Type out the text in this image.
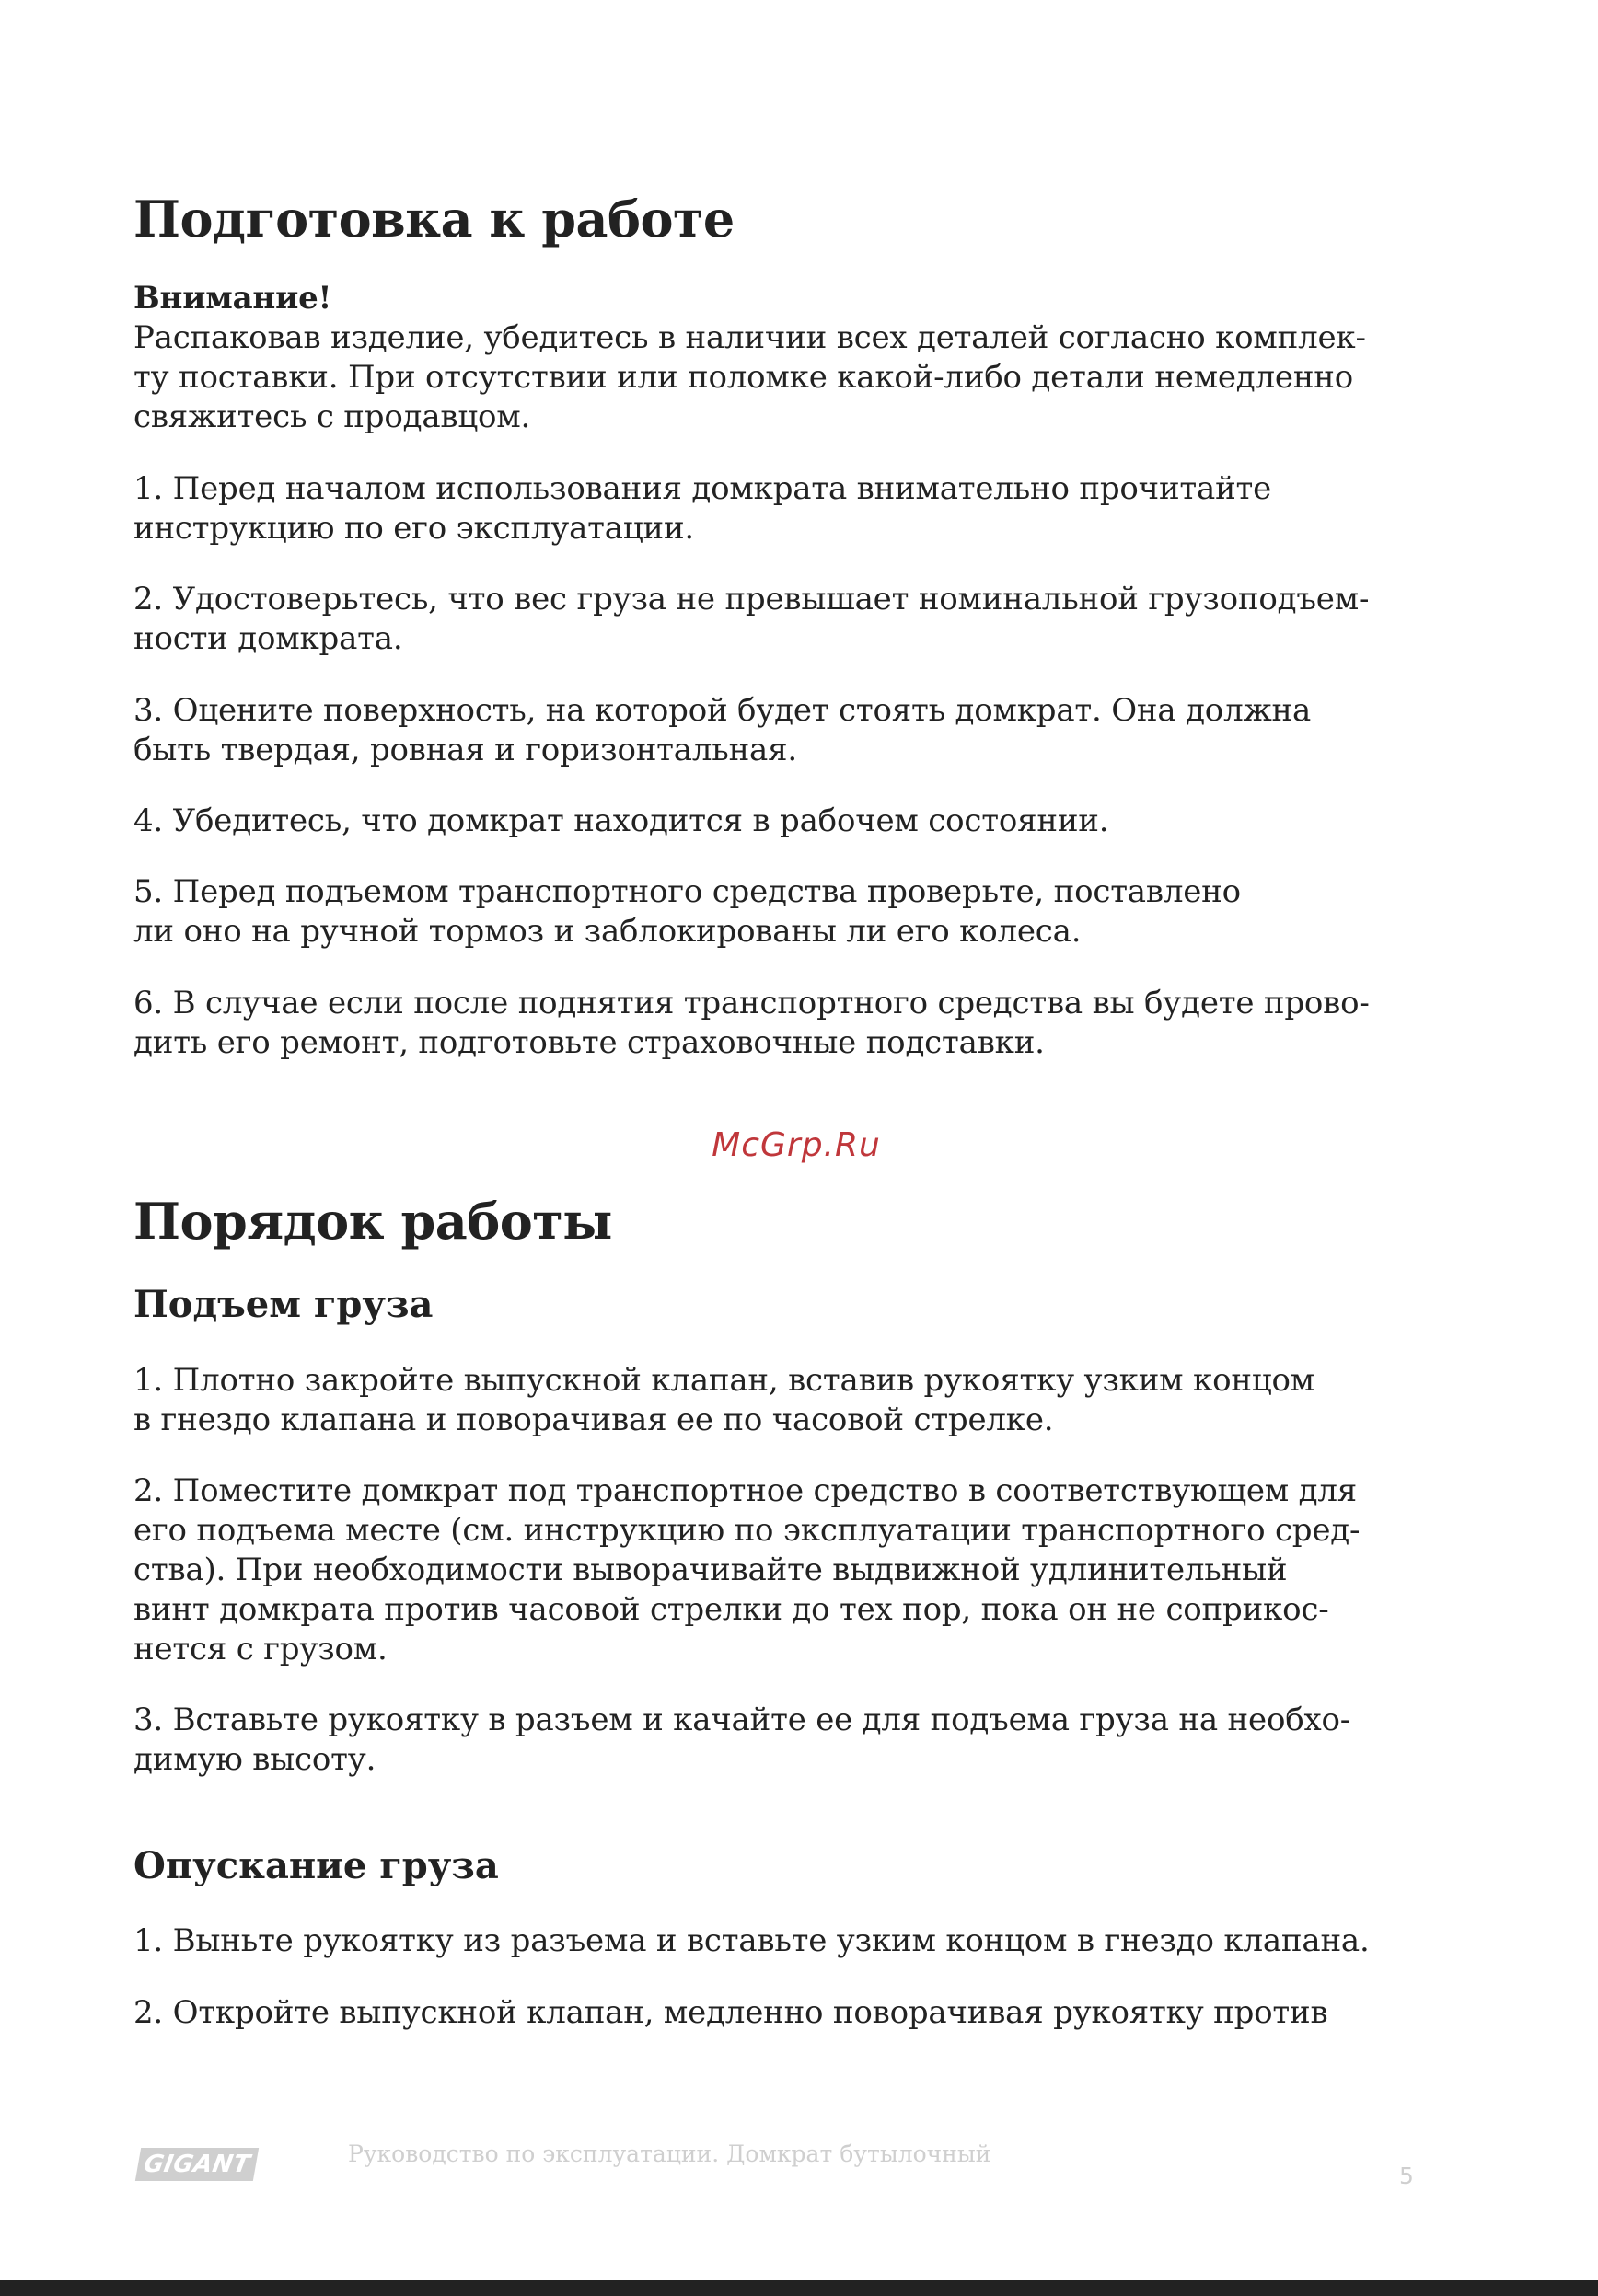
Подготовка к работе

Внимание!

Распаковав изделие, убедитесь в наличии всех деталей согласно комплек-

ту поставки. При отсутствии или поломке какой-либо детали немедленно

свяжитесь с продавцом.

1. Перед началом использования домкрата внимательно прочитайте

инструкцию по его эксплуатации.

2. Удостоверьтесь, что вес груза не превышает номинальной грузоподъем-

ности домкрата.

3. Оцените поверхность, на которой будет стоять домкрат. Она должна

быть твердая, ровная и горизонтальная.

4. Убедитесь, что домкрат находится в рабочем состоянии.

5. Перед подъемом транспортного средства проверьте, поставлено

ли оно на ручной тормоз и заблокированы ли его колеса.

6. В случае если после поднятия транспортного средства вы будете прово-

дить его ремонт, подготовьте страховочные подставки.

McGrp.Ru
Порядок работы
Подъем груза

1. Плотно закройте выпускной клапан, вставив рукоятку узким концом

в гнездо клапана и поворачивая ее по часовой стрелке.

2. Поместите домкрат под транспортное средство в соответствующем для

его подъема месте (см. инструкцию по эксплуатации транспортного сред-

ства). При необходимости выворачивайте выдвижной удлинительный

винт домкрата против часовой стрелки до тех пор, пока он не соприкос-

нется с грузом.

3. Вставьте рукоятку в разъем и качайте ее для подъема груза на необхо-

димую высоту.

Опускание груза

1. Выньте рукоятку из разъема и вставьте узким концом в гнездо клапана.

2. Откройте выпускной клапан, медленно поворачивая рукоятку против

GIGANT	Руководство по эксплуатации. Домкрат бутылочный
5
